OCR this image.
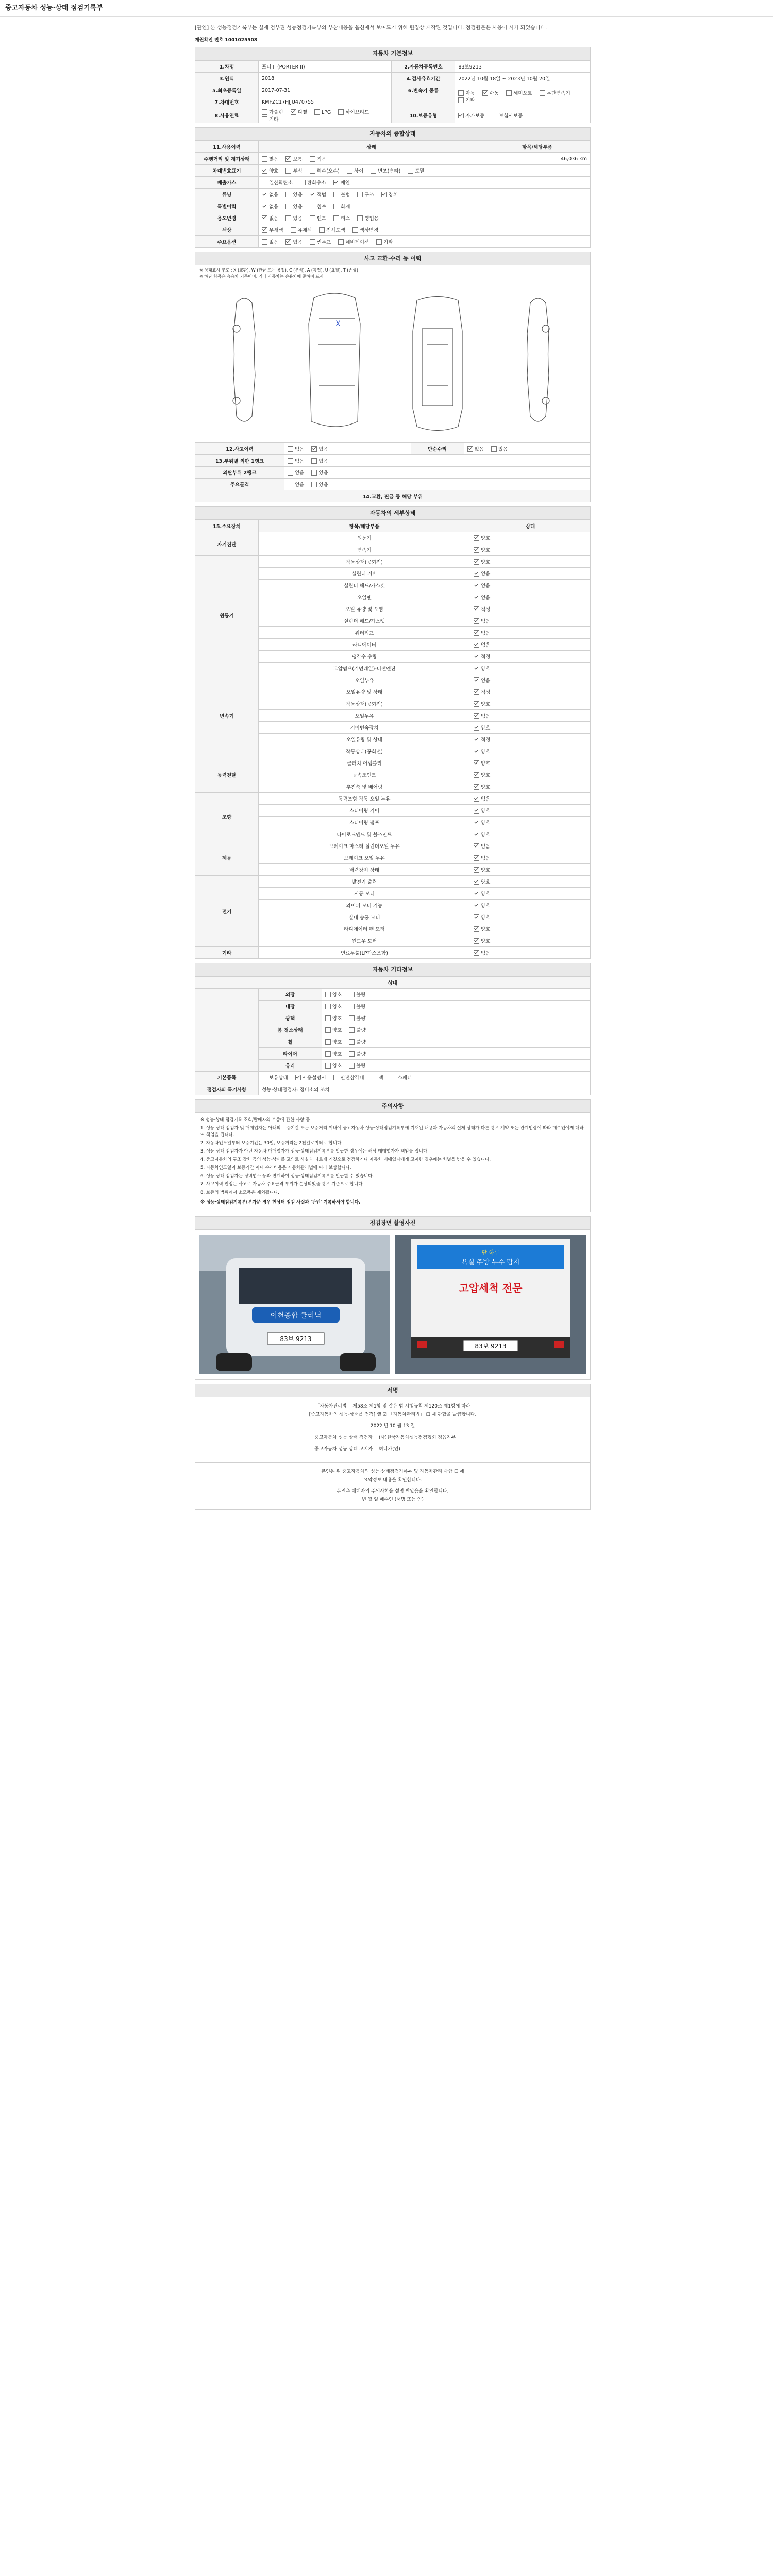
중고자동차 성능·상태 점검기록부
[관인] 본 성능점검기록부는 실제 검부된 성능점검기록부의 부참내용을 옵션에서 보여드기 위해 편집상 재작된 것입니다. 점검원문은 사용이 시가 되었습니다.
제원확인 번호 1001025508
자동차 기본정보
1.차명	포터 II (PORTER II)	2.자동차등록번호	83보9213
3.연식	2018	4.검사유효기간	2022년 10월 18일 ~ 2023년 10월 20일
5.최초등록일	2017-07-31	6.변속기 종류	자동 수동 세미오토 무단변속기기타
7.차대번호	KMFZC17HJJU470755		
8.사용연료	가솔린 디젤 LPG 하이브리드기타	10.보증유형	자가보증 보험사보증
자동차의 종합상태
11.사용이력	상태	항목/해당부품
주행거리 및 계기상태	많음 보통 적음	46,036 km
차대번호표기	양호 부식 훼손(오손) 상이 변조(변타) 도말	
배출가스	일산화탄소 탄화수소 매연	
튜닝	없음 있음 적법 불법 구조 장치	
특별이력	없음 있음 침수 화재	
용도변경	없음 있음 렌트 리스 영업용	
색상	무채색 유채색 전체도색 색상변경	
주요옵션	없음 있음 썬루프 네비게이션 기타	
사고 교환·수리 등 이력
※ 상태표시 부호 : X (교환), W (판금 또는 용접), C (부식), A (흠집), U (요철), T (손상)
※ 하단 항목은 승용차 기준이며, 기타 자동차는 승용차에 준하여 표시
X
12.사고이력	없음 있음	단순수리	없음 있음
13.부위별 외판 1랭크	없음 있음		
외판부위 2랭크	없음 있음		
주요골격	없음 있음		
14.교환, 판금 등 해당 부위			
자동차의 세부상태
15.주요장치	항목/해당부품	상태
자기진단	원동기	양호
	변속기	양호
원동기	작동상태(공회전)	양호
	실린더 커버	없음
	실린더 헤드/가스켓	없음
	오일팬	없음
	오일 유량 및 오염	적정
	실린더 헤드/가스켓	없음
	워터펌프	없음
	라디에이터	없음
	냉각수 수량	적정
	고압펌프(커먼레일)-디젤엔진	양호
변속기	오일누유	없음
	오일유량 및 상태	적정
	작동상태(공회전)	양호
	오일누유	없음
	기어변속장치	양호
	오일유량 및 상태	적정
	작동상태(공회전)	양호
동력전달	클러치 어셈블리	양호
	등속조인트	양호
	추진축 및 베어링	양호
조향	동력조향 작동 오일 누유	없음
	스티어링 기어	양호
	스티어링 펌프	양호
	타이로드엔드 및 볼조인트	양호
제동	브레이크 마스터 실린더오일 누유	없음
	브레이크 오일 누유	없음
	배력장치 상태	양호
전기	발전기 출력	양호
	시동 모터	양호
	와이퍼 모터 기능	양호
	실내 송풍 모터	양호
	라디에이터 팬 모터	양호
	윈도우 모터	양호
기타	연료누출(LP가스포함)	없음
자동차 기타정보
상태		
	외장	양호 불량
	내장	양호 불량
	광택	양호 불량
	룸 청소상태	양호 불량
	휠	양호 불량
	타이어	양호 불량
	유리	양호 불량
기본품목	보유상태 사용설명서 안전삼각대 잭 스패너	
점검자의 특기사항	성능·상태점검자: 정비소의 조치	
주의사항

※ 성능·상태 점검기록 조회/판매자의 보증에 관한 사항 등

1. 성능·상태 점검자 및 매매업자는 아래의 보증기간 또는 보증거리 이내에 중고자동차 성능·상태점검기록부에 기재된 내용과 자동차의 실제 상태가 다른 경우 계약 또는 관계법령에 따라 매수인에게 대하여 책임을 집니다.

2. 자동차인도일부터 보증기간은 30일, 보증거리는 2천킬로미터로 합니다.

3. 성능·상태 점검자가 아닌 자동차 매매업자가 성능·상태점검기록부를 발급한 경우에는 해당 매매업자가 책임을 집니다.

4. 중고자동차의 구조·장치 등의 성능·상태를 고의로 사실과 다르게 거짓으로 점검하거나 자동차 매매업자에게 고지한 경우에는 처벌을 받을 수 있습니다.

5. 자동차인도일이 보증기간 이내 수리비용은 자동차관리법에 따라 보상합니다.

6. 성능·상태 점검자는 정비업소 등과 연계하여 성능·상태점검기록부를 발급할 수 있습니다.

7. 사고이력 인정은 사고로 자동차 주요골격 부위가 손상되었을 경우 기준으로 합니다.

8. 보증의 범위에서 소모품은 제외됩니다.

※ 성능·상태점검기록부(부가문 경우 현상태 점검 사실과 '관인' 기록하셔야 합니다.

점검장면 촬영사진
이천종합 클리닉
83보 9213
단 하루
욕실 주방 누수 탐지
고압세척 전문
83보 9213
서명
「자동차관리법」 제58조 제1항 및 같은 법 시행규칙 제120조 제1항에 따라
[중고자동차의 성능·상태를 점검] 했 ☑ 「자동차관리법」 ☐ 제 관합을 발급합니다.
2022 년 10 월 13 일
중고자동차 성능 상태 점검자	(사)한국자동차성능점검협회 정읍지부
중고자동차 성능 상태 고지자	허니카(인)
본인은 위 중고자동차의 성능·상태점검기록부 및 자동차관리 사항 ☐ 에
요약정보 내용을 확인합니다.
본인은 매매자의 주의사항을 설명 받았음을 확인합니다.
년 월 일 매수인 (서명 또는 인)
